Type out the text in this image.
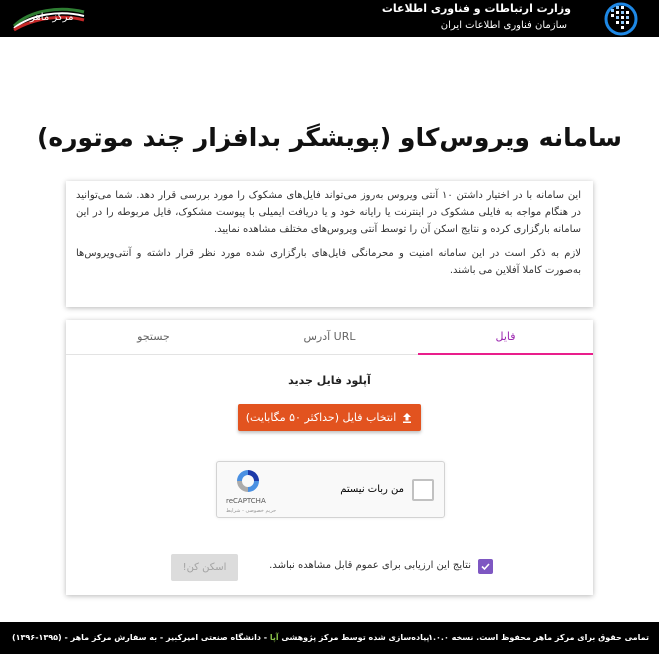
وزارت ارتباطات و فناوری اطلاعات
سازمان فناوری اطلاعات ایران
مرکز ماهر
سامانه ویروس‌کاو (پویشگر بدافزار چند موتوره)

این سامانه با در اختیار داشتن ۱۰ آنتی ویروس به‌روز می‌تواند فایل‌های مشکوک را مورد بررسی قرار دهد. شما می‌توانید در هنگام مواجه به فایلی مشکوک در اینترنت یا رایانه خود و یا دریافت ایمیلی با پیوست مشکوک، فایل مربوطه را در این سامانه بارگزاری کرده و نتایج اسکن آن را توسط آنتی ویروس‌های مختلف مشاهده نمایید.

لازم به ذکر است در این سامانه امنیت و محرمانگی فایل‌های بارگزاری شده مورد نظر قرار داشته و آنتی‌ویروس‌ها به‌صورت کاملا آفلاین می باشند.

فایل
آدرس URL
جستجو
آپلود فایل جدید
انتخاب فایل (حداکثر ۵۰ مگابایت)
من ربات نیستم
reCAPTCHA
حریم خصوصی - شرایط
نتایج این ارزیابی برای عموم قابل مشاهده نباشد.
اسکن کن!
تمامی حقوق برای مرکز ماهر محفوظ است. نسخه ۱.۰.۰
پیاده‌سازی شده توسط مرکز پژوهشی آپا - دانشگاه صنعتی امیرکبیر - به سفارش مرکز ماهر - (۱۳۹۵-۱۳۹۶)
